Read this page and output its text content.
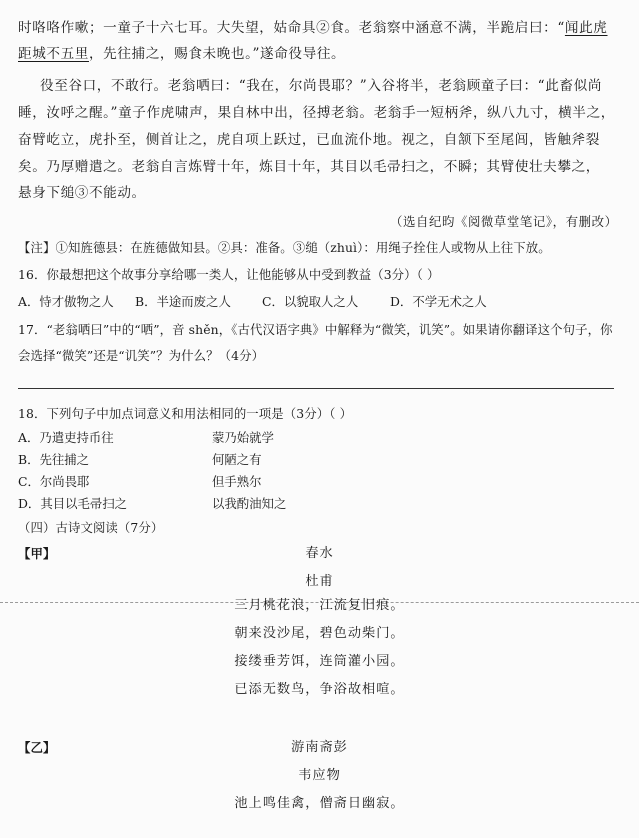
时咯咯作嗽；一童子十六七耳。大失望，姑命具②食。老翁察中涵意不满，半跪启曰：“闻此虎
距城不五里，先往捕之，赐食未晚也。”遂命役导往。
役至谷口，不敢行。老翁哂曰：“我在，尔尚畏耶？”入谷将半，老翁顾童子曰：“此畜似尚
睡，汝呼之醒。”童子作虎啸声，果自林中出，径搏老翁。老翁手一短柄斧，纵八九寸，横半之，
奋臂屹立，虎扑至，侧首让之，虎自项上跃过，已血流仆地。视之，自颔下至尾闾，皆触斧裂
矣。乃厚赠遣之。老翁自言炼臂十年，炼目十年，其目以毛帚扫之，不瞬；其臂使壮夫攀之，
悬身下缒③不能动。
（选自纪昀《阅微草堂笔记》，有删改）
【注】①知旌德县：在旌德做知县。②具：准备。③缒（zhuì）：用绳子拴住人或物从上往下放。
16．你最想把这个故事分享给哪一类人，让他能够从中受到教益（3分）（ ）
A．恃才傲物之人 B．半途而废之人	C．以貌取人之人	D．不学无术之人
17．“老翁哂曰”中的“哂”，音 shěn，《古代汉语字典》中解释为“微笑，讥笑”。如果请你翻译这个句子，你
会选择“微笑”还是“讥笑”？为什么？（4分）
18．下列句子中加点词意义和用法相同的一项是（3分）（ ）
A．乃遣吏持币往	蒙乃始就学
B．先往捕之	何陋之有
C．尔尚畏耶	但手熟尔
D．其目以毛帚扫之	以我酌油知之
（四）古诗文阅读（7分）
【甲】	春水
杜甫
三月桃花浪，江流复旧痕。
朝来没沙尾，碧色动柴门。
接缕垂芳饵，连筒灌小园。
已添无数鸟，争浴故相喧。
【乙】	游南斋彭
韦应物
池上鸣佳禽，僧斋日幽寂。
